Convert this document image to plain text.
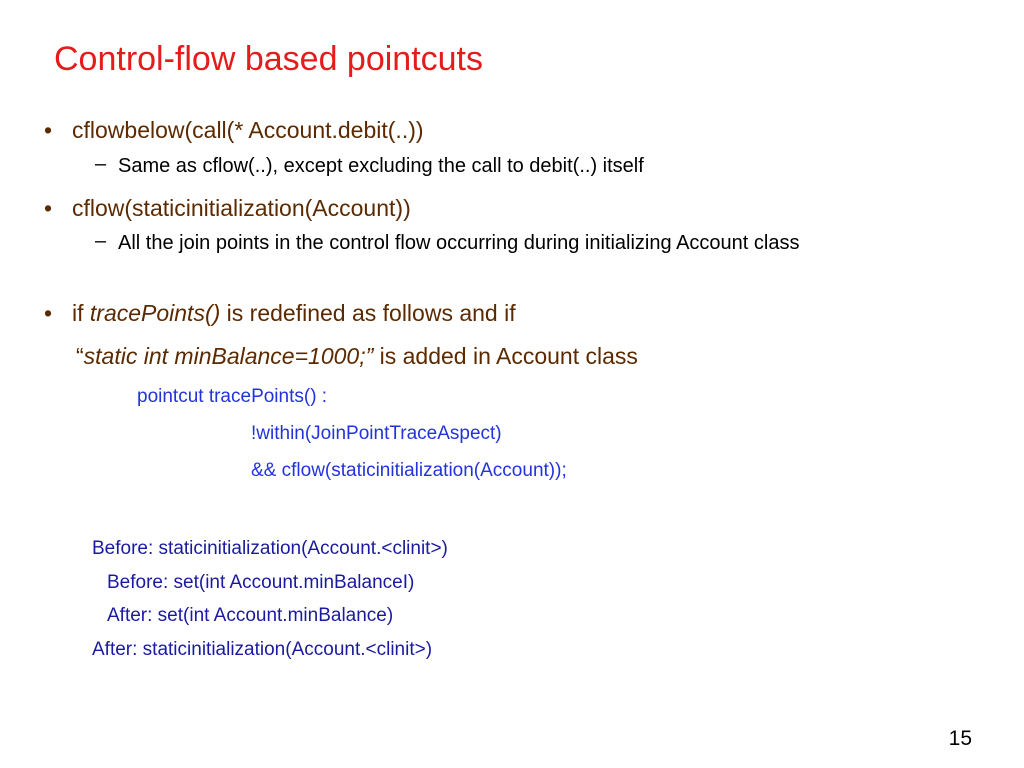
Control-flow based pointcuts
• cflowbelow(call(* Account.debit(..))
– Same as cflow(..), except excluding the call to debit(..) itself
• cflow(staticinitialization(Account))
– All the join points in the control flow occurring during initializing Account class
• if tracePoints() is redefined as follows and if
“static int minBalance=1000;” is added in Account class
pointcut tracePoints() :
!within(JoinPointTraceAspect)
&& cflow(staticinitialization(Account));
Before: staticinitialization(Account.<clinit>)
Before: set(int Account.minBalanceI)
After: set(int Account.minBalance)
After: staticinitialization(Account.<clinit>)
15
